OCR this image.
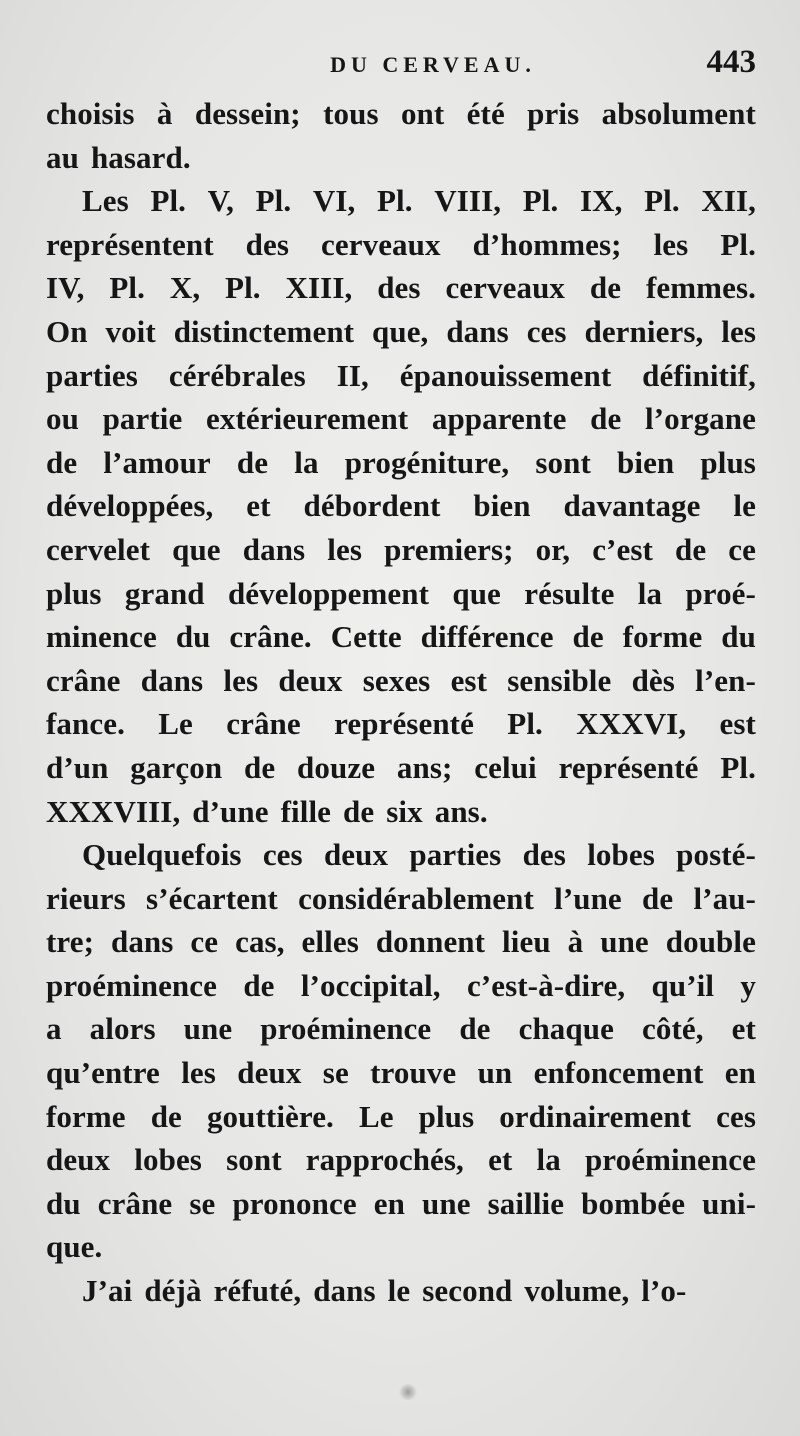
DU CERVEAU.	443
choisis à dessein; tous ont été pris absolument
au hasard.
Les Pl. V, Pl. VI, Pl. VIII, Pl. IX, Pl. XII,
représentent des cerveaux d’hommes; les Pl.
IV, Pl. X, Pl. XIII, des cerveaux de femmes.
On voit distinctement que, dans ces derniers, les
parties cérébrales II, épanouissement définitif,
ou partie extérieurement apparente de l’organe
de l’amour de la progéniture, sont bien plus
développées, et débordent bien davantage le
cervelet que dans les premiers; or, c’est de ce
plus grand développement que résulte la proé-
minence du crâne. Cette différence de forme du
crâne dans les deux sexes est sensible dès l’en-
fance. Le crâne représenté Pl. XXXVI, est
d’un garçon de douze ans; celui représenté Pl.
XXXVIII, d’une fille de six ans.
Quelquefois ces deux parties des lobes posté-
rieurs s’écartent considérablement l’une de l’au-
tre; dans ce cas, elles donnent lieu à une double
proéminence de l’occipital, c’est-à-dire, qu’il y
a alors une proéminence de chaque côté, et
qu’entre les deux se trouve un enfoncement en
forme de gouttière. Le plus ordinairement ces
deux lobes sont rapprochés, et la proéminence
du crâne se prononce en une saillie bombée uni-
que.
J’ai déjà réfuté, dans le second volume, l’o-
